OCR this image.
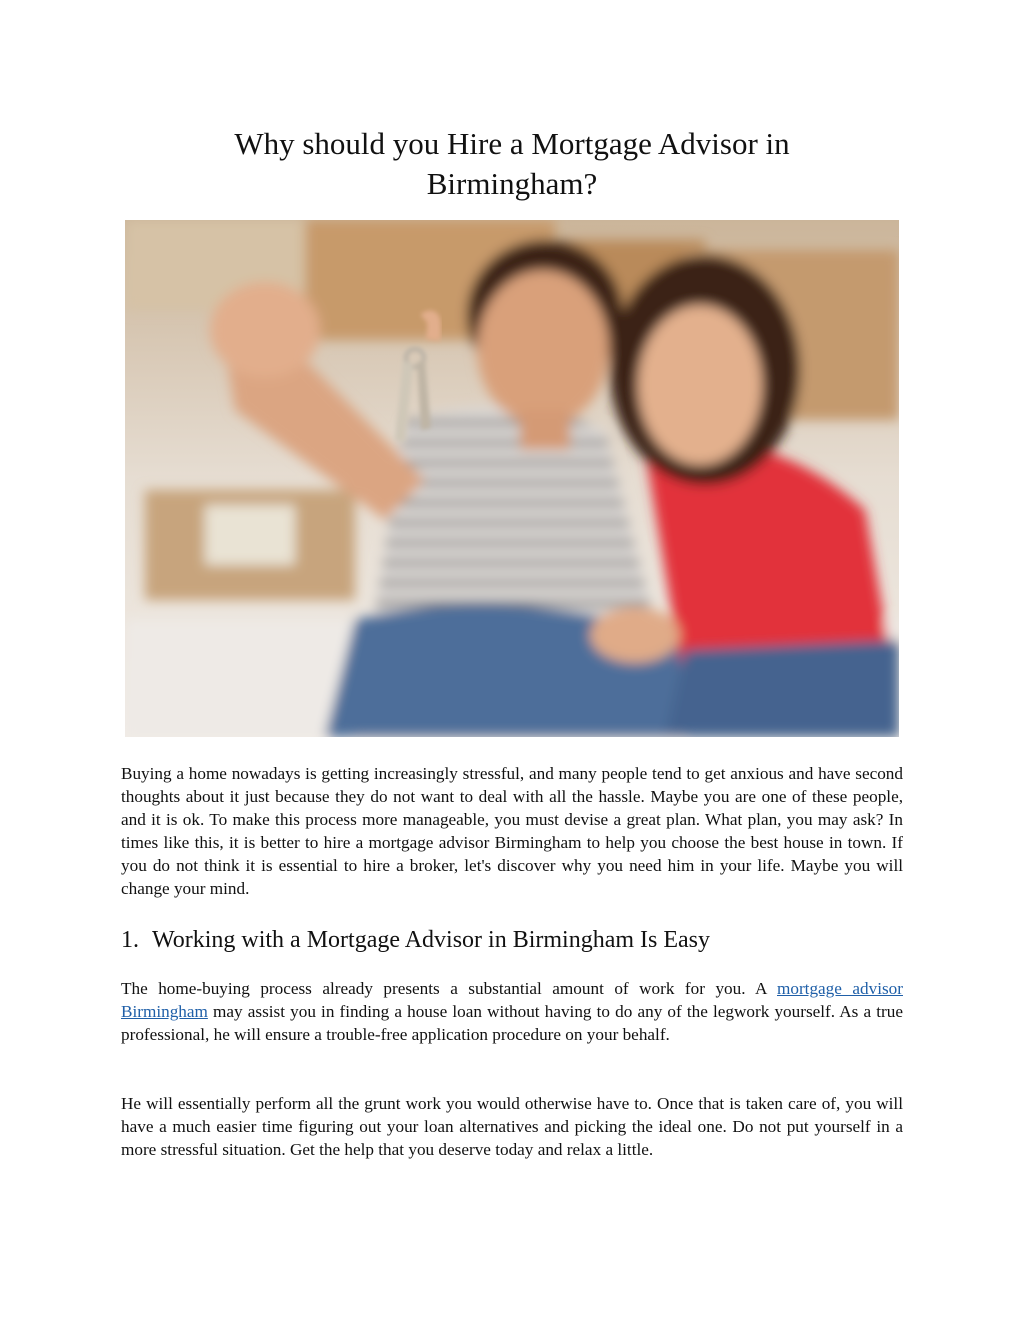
Why should you Hire a Mortgage Advisor in
Birmingham?

Buying a home nowadays is getting increasingly stressful, and many people tend to get anxious and have second thoughts about it just because they do not want to deal with all the hassle. Maybe you are one of these people, and it is ok. To make this process more manageable, you must devise a great plan. What plan, you may ask? In times like this, it is better to hire a mortgage advisor Birmingham to help you choose the best house in town. If you do not think it is essential to hire a broker, let's discover why you need him in your life. Maybe you will change your mind.

1. Working with a Mortgage Advisor in Birmingham Is Easy

The home-buying process already presents a substantial amount of work for you. A mortgage advisor Birmingham may assist you in finding a house loan without having to do any of the legwork yourself. As a true professional, he will ensure a trouble-free application procedure on your behalf.

He will essentially perform all the grunt work you would otherwise have to. Once that is taken care of, you will have a much easier time figuring out your loan alternatives and picking the ideal one. Do not put yourself in a more stressful situation. Get the help that you deserve today and relax a little.
